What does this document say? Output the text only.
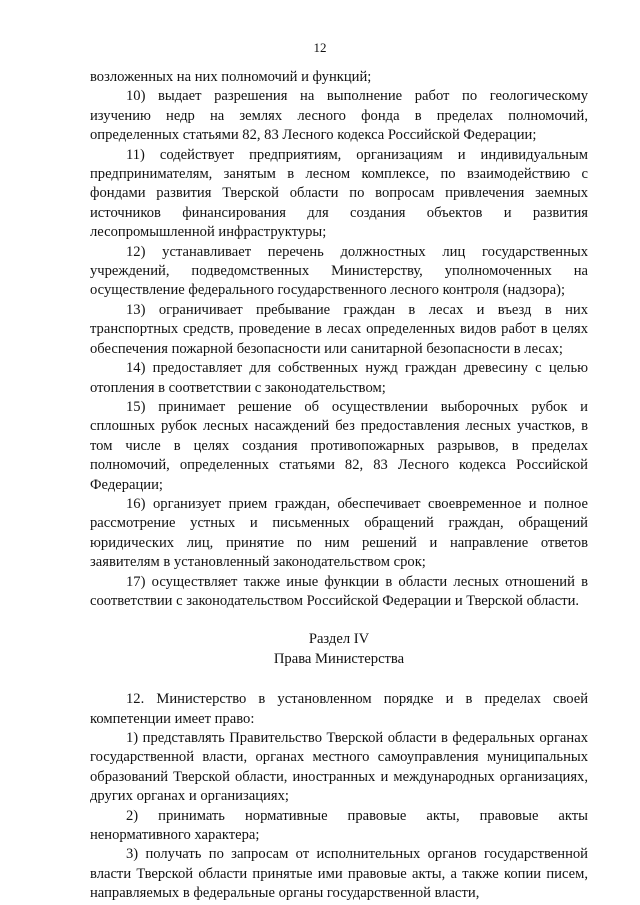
12

возложенных на них полномочий и функций;

10) выдает разрешения на выполнение работ по геологическому изучению недр на землях лесного фонда в пределах полномочий, определенных статьями 82, 83 Лесного кодекса Российской Федерации;

11) содействует предприятиям, организациям и индивидуальным предпринимателям, занятым в лесном комплексе, по взаимодействию с фондами развития Тверской области по вопросам привлечения заемных источников финансирования для создания объектов и развития лесопромышленной инфраструктуры;

12) устанавливает перечень должностных лиц государственных учреждений, подведомственных Министерству, уполномоченных на осуществление федерального государственного лесного контроля (надзора);

13) ограничивает пребывание граждан в лесах и въезд в них транспортных средств, проведение в лесах определенных видов работ в целях обеспечения пожарной безопасности или санитарной безопасности в лесах;

14) предоставляет для собственных нужд граждан древесину с целью отопления в соответствии с законодательством;

15) принимает решение об осуществлении выборочных рубок и сплошных рубок лесных насаждений без предоставления лесных участков, в том числе в целях создания противопожарных разрывов, в пределах полномочий, определенных статьями 82, 83 Лесного кодекса Российской Федерации;

16) организует прием граждан, обеспечивает своевременное и полное рассмотрение устных и письменных обращений граждан, обращений юридических лиц, принятие по ним решений и направление ответов заявителям в установленный законодательством срок;

17) осуществляет также иные функции в области лесных отношений в соответствии с законодательством Российской Федерации и Тверской области.

Раздел IV
Права Министерства

12. Министерство в установленном порядке и в пределах своей компетенции имеет право:

1) представлять Правительство Тверской области в федеральных органах государственной власти, органах местного самоуправления муниципальных образований Тверской области, иностранных и международных организациях, других органах и организациях;

2) принимать нормативные правовые акты, правовые акты ненормативного характера;

3) получать по запросам от исполнительных органов государственной власти Тверской области принятые ими правовые акты, а также копии писем, направляемых в федеральные органы государственной власти,
